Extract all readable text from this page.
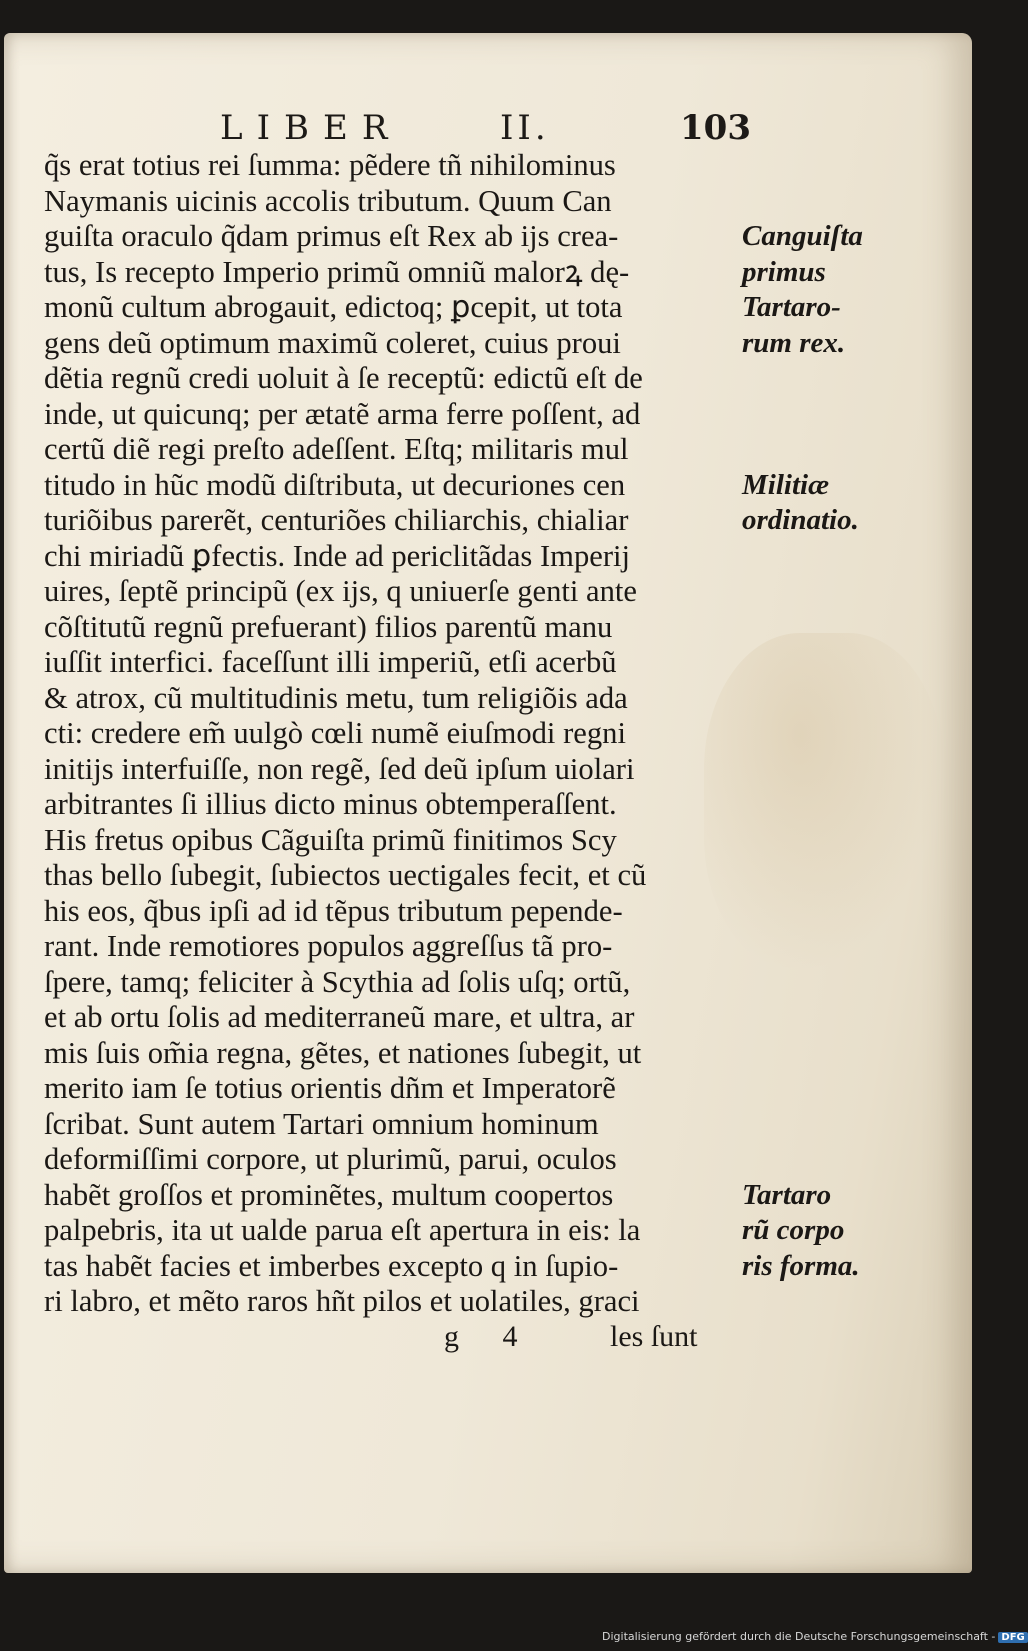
LIBER	II.	103
q̃s erat totius rei ſumma: pẽdere tñ nihilominus
Naymanis uicinis accolis tributum. Quum Can
guiſta oraculo q̃dam primus eſt Rex ab ijs crea-
tus, Is recepto Imperio primũ omniũ malorꝝ dę-
monũ cultum abrogauit, edictoq; ꝑcepit, ut tota
gens deũ optimum maximũ coleret, cuius proui
dẽtia regnũ credi uoluit à ſe receptũ: edictũ eſt de
inde, ut quicunq; per ætatẽ arma ferre poſſent, ad
certũ diẽ regi preſto adeſſent. Eſtq; militaris mul
titudo in hũc modũ diſtributa, ut decuriones cen
turiõibus parerẽt, centuriões chiliarchis, chialiar
chi miriadũ ꝑfectis. Inde ad periclitãdas Imperij
uires, ſeptẽ principũ (ex ijs, q uniuerſe genti ante
cõſtitutũ regnũ prefuerant) filios parentũ manu
iuſſit interfici. faceſſunt illi imperiũ, etſi acerbũ
& atrox, cũ multitudinis metu, tum religiõis ada
cti: credere em̃ uulgò cœli numẽ eiuſmodi regni
initijs interfuiſſe, non regẽ, ſed deũ ipſum uiolari
arbitrantes ſi illius dicto minus obtemperaſſent.
His fretus opibus Cãguiſta primũ finitimos Scy
thas bello ſubegit, ſubiectos uectigales fecit, et cũ
his eos, q̃bus ipſi ad id tẽpus tributum pepende-
rant. Inde remotiores populos aggreſſus tã pro-
ſpere, tamq; feliciter à Scythia ad ſolis uſq; ortũ,
et ab ortu ſolis ad mediterraneũ mare, et ultra, ar
mis ſuis om̃ia regna, gẽtes, et nationes ſubegit, ut
merito iam ſe totius orientis dñm et Imperatorẽ
ſcribat. Sunt autem Tartari omnium hominum
deformiſſimi corpore, ut plurimũ, parui, oculos
habẽt groſſos et prominẽtes, multum coopertos
palpebris, ita ut ualde parua eſt apertura in eis: la
tas habẽt facies et imberbes excepto q in ſupio-
ri labro, et mẽto raros hñt pilos et uolatiles, graci
Canguiſta
primus
Tartaro-
rum rex.
Militiæ
ordinatio.
Tartaro
rũ corpo
ris forma.
g 4 les ſunt
Digitalisierung gefördert durch die Deutsche Forschungsgemeinschaft - DFG
